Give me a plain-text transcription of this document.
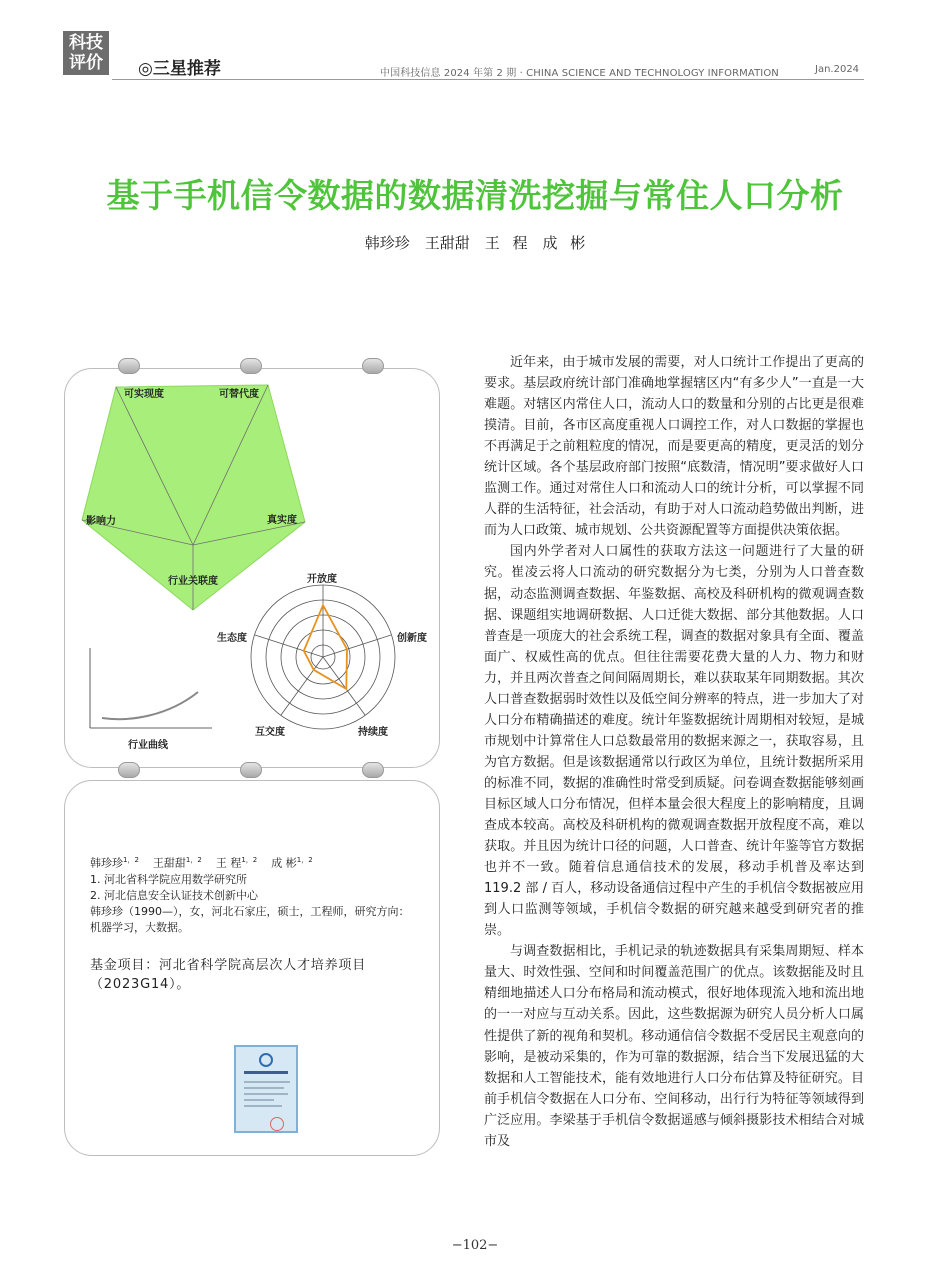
科技
评价	◎三星推荐	中国科技信息 2024 年第 2 期 · CHINA SCIENCE AND TECHNOLOGY INFORMATION	Jan.2024
基于手机信令数据的数据清洗挖掘与常住人口分析
韩珍珍　王甜甜　王 程　成 彬
可实现度	可替代度
真实度
行业关联度
影响力
开放度
创新度
持续度
互交度
生态度
行业曲线
韩珍珍$^{1,2}$ 王甜甜$^{1,2}$ 王 程$^{1,2}$ 成 彬$^{1,2}$
1. 河北省科学院应用数学研究所
2. 河北信息安全认证技术创新中心
韩珍珍（1990—），女，河北石家庄，硕士，工程师，研究方向：机器学习，大数据。
基金项目：河北省科学院高层次人才培养项目（2023G14）。

近年来，由于城市发展的需要，对人口统计工作提出了更高的要求。基层政府统计部门准确地掌握辖区内“有多少人”一直是一大难题。对辖区内常住人口，流动人口的数量和分别的占比更是很难摸清。目前，各市区高度重视人口调控工作，对人口数据的掌握也不再满足于之前粗粒度的情况，而是要更高的精度，更灵活的划分统计区域。各个基层政府部门按照“底数清，情况明”要求做好人口监测工作。通过对常住人口和流动人口的统计分析，可以掌握不同人群的生活特征，社会活动，有助于对人口流动趋势做出判断，进而为人口政策、城市规划、公共资源配置等方面提供决策依据。

国内外学者对人口属性的获取方法这一问题进行了大量的研究。崔凌云将人口流动的研究数据分为七类，分别为人口普查数据，动态监测调查数据、年鉴数据、高校及科研机构的微观调查数据、课题组实地调研数据、人口迁徙大数据、部分其他数据。人口普查是一项庞大的社会系统工程，调查的数据对象具有全面、覆盖面广、权威性高的优点。但往往需要花费大量的人力、物力和财力，并且两次普查之间间隔周期长，难以获取某年同期数据。其次人口普查数据弱时效性以及低空间分辨率的特点，进一步加大了对人口分布精确描述的难度。统计年鉴数据统计周期相对较短，是城市规划中计算常住人口总数最常用的数据来源之一，获取容易，且为官方数据。但是该数据通常以行政区为单位，且统计数据所采用的标准不同，数据的准确性时常受到质疑。问卷调查数据能够刻画目标区域人口分布情况，但样本量会很大程度上的影响精度，且调查成本较高。高校及科研机构的微观调查数据开放程度不高，难以获取。并且因为统计口径的问题，人口普查、统计年鉴等官方数据也并不一致。随着信息通信技术的发展，移动手机普及率达到 119.2 部 / 百人，移动设备通信过程中产生的手机信令数据被应用到人口监测等领域，手机信令数据的研究越来越受到研究者的推崇。

与调查数据相比，手机记录的轨迹数据具有采集周期短、样本量大、时效性强、空间和时间覆盖范围广的优点。该数据能及时且精细地描述人口分布格局和流动模式，很好地体现流入地和流出地的一一对应与互动关系。因此，这些数据源为研究人员分析人口属性提供了新的视角和契机。移动通信信令数据不受居民主观意向的影响，是被动采集的，作为可靠的数据源，结合当下发展迅猛的大数据和人工智能技术，能有效地进行人口分布估算及特征研究。目前手机信令数据在人口分布、空间移动，出行行为特征等领域得到广泛应用。李梁基于手机信令数据遥感与倾斜摄影技术相结合对城市及

−102−
